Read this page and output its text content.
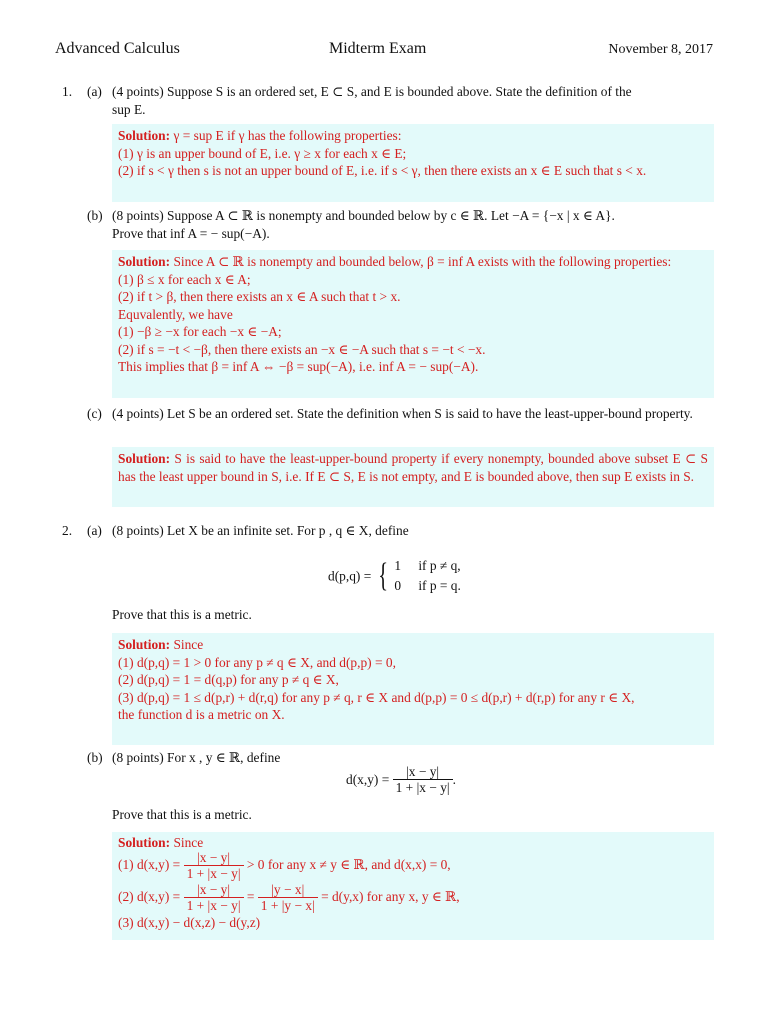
Advanced Calculus	Midterm Exam	November 8, 2017
1. (a) (4 points) Suppose S is an ordered set, E ⊂ S, and E is bounded above. State the definition of the
sup E.
Solution: γ = sup E if γ has the following properties:
(1) γ is an upper bound of E, i.e. γ ≥ x for each x ∈ E;
(2) if s < γ then s is not an upper bound of E, i.e. if s < γ, then there exists an x ∈ E such that s < x.
(b) (8 points) Suppose A ⊂ ℝ is nonempty and bounded below by c ∈ ℝ. Let −A = {−x | x ∈ A}.
Prove that inf A = − sup(−A).
Solution: Since A ⊂ ℝ is nonempty and bounded below, β = inf A exists with the following properties:
(1) β ≤ x for each x ∈ A;
(2) if t > β, then there exists an x ∈ A such that t > x.
Equvalently, we have
(1) −β ≥ −x for each −x ∈ −A;
(2) if s = −t < −β, then there exists an −x ∈ −A such that s = −t < −x.
This implies that β = inf A ⇔ −β = sup(−A), i.e. inf A = − sup(−A).
(c) (4 points) Let S be an ordered set. State the definition when S is said to have the least-upper-bound property.
Solution: S is said to have the least-upper-bound property if every nonempty, bounded above subset E ⊂ S has the least upper bound in S, i.e. If E ⊂ S, E is not empty, and E is bounded above, then sup E exists in S.
2. (a) (8 points) Let X be an infinite set. For p , q ∈ X, define
d(p,q) = { 1 if p ≠ q,
0 if p = q.
Prove that this is a metric.
Solution: Since
(1) d(p,q) = 1 > 0 for any p ≠ q ∈ X, and d(p,p) = 0,
(2) d(p,q) = 1 = d(q,p) for any p ≠ q ∈ X,
(3) d(p,q) = 1 ≤ d(p,r) + d(r,q) for any p ≠ q, r ∈ X and d(p,p) = 0 ≤ d(p,r) + d(r,p) for any r ∈ X,
the function d is a metric on X.
(b) (8 points) For x , y ∈ ℝ, define
$d(x,y) = \frac{|x - y|}{1 + |x - y|}$ .
Prove that this is a metric.
Solution: Since
(1) $d(x,y) = \frac{|x - y|}{1 + |x - y|} > 0$ for any x ≠ y ∈ ℝ, and d(x,x) = 0,
(2) $d(x,y) = \frac{|x - y|}{1 + |x - y|} = \frac{|y - x|}{1 + |y - x|} = d(y,x)$ for any x, y ∈ ℝ,
(3) d(x,y) − d(x,z) − d(y,z)
